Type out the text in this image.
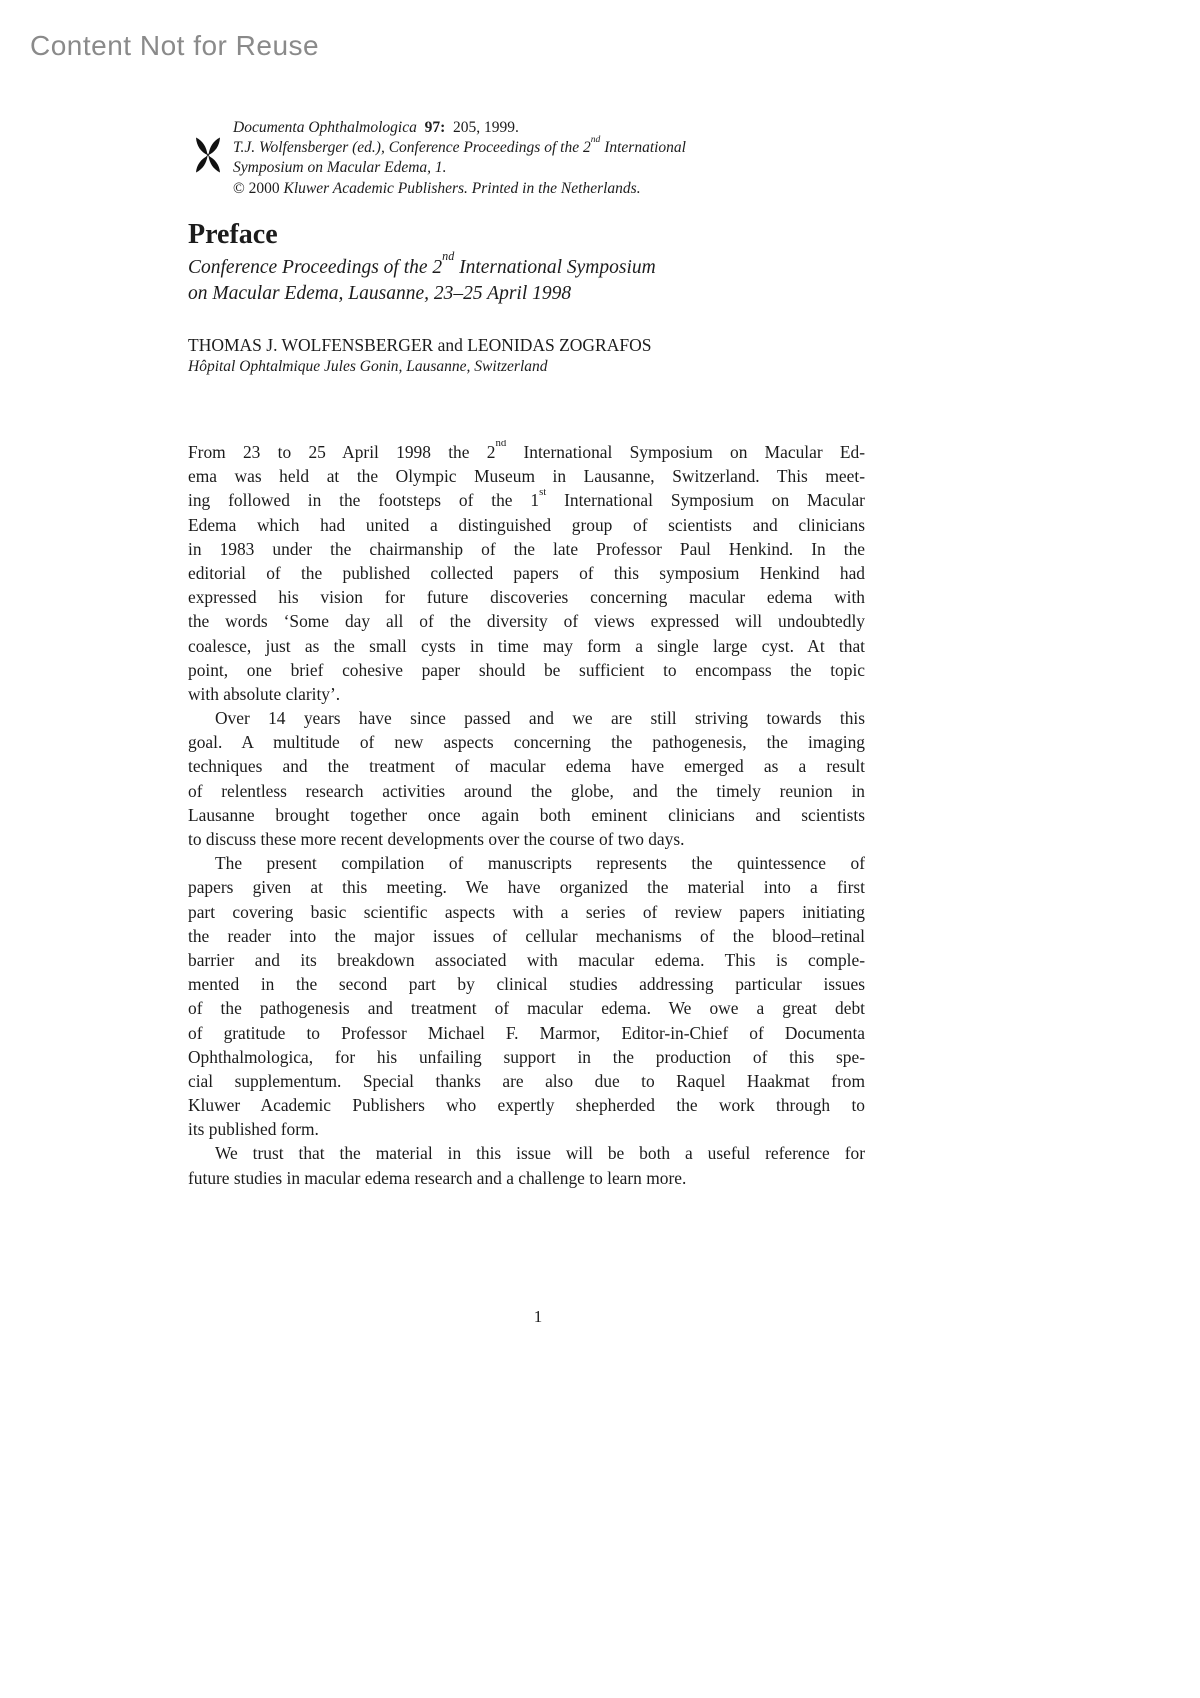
Content Not for Reuse
Documenta Ophthalmologica 97: 205, 1999.
T.J. Wolfensberger (ed.), Conference Proceedings of the 2nd International
Symposium on Macular Edema, 1.
© 2000 Kluwer Academic Publishers. Printed in the Netherlands.
Preface
Conference Proceedings of the 2nd International Symposium
on Macular Edema, Lausanne, 23–25 April 1998
THOMAS J. WOLFENSBERGER and LEONIDAS ZOGRAFOS
Hôpital Ophtalmique Jules Gonin, Lausanne, Switzerland
From 23 to 25 April 1998 the 2nd International Symposium on Macular Ed-
ema was held at the Olympic Museum in Lausanne, Switzerland. This meet-
ing followed in the footsteps of the 1st International Symposium on Macular
Edema which had united a distinguished group of scientists and clinicians
in 1983 under the chairmanship of the late Professor Paul Henkind. In the
editorial of the published collected papers of this symposium Henkind had
expressed his vision for future discoveries concerning macular edema with
the words ‘Some day all of the diversity of views expressed will undoubtedly
coalesce, just as the small cysts in time may form a single large cyst. At that
point, one brief cohesive paper should be sufficient to encompass the topic
with absolute clarity’.
Over 14 years have since passed and we are still striving towards this
goal. A multitude of new aspects concerning the pathogenesis, the imaging
techniques and the treatment of macular edema have emerged as a result
of relentless research activities around the globe, and the timely reunion in
Lausanne brought together once again both eminent clinicians and scientists
to discuss these more recent developments over the course of two days.
The present compilation of manuscripts represents the quintessence of
papers given at this meeting. We have organized the material into a first
part covering basic scientific aspects with a series of review papers initiating
the reader into the major issues of cellular mechanisms of the blood–retinal
barrier and its breakdown associated with macular edema. This is comple-
mented in the second part by clinical studies addressing particular issues
of the pathogenesis and treatment of macular edema. We owe a great debt
of gratitude to Professor Michael F. Marmor, Editor-in-Chief of Documenta
Ophthalmologica, for his unfailing support in the production of this spe-
cial supplementum. Special thanks are also due to Raquel Haakmat from
Kluwer Academic Publishers who expertly shepherded the work through to
its published form.
We trust that the material in this issue will be both a useful reference for
future studies in macular edema research and a challenge to learn more.
1
